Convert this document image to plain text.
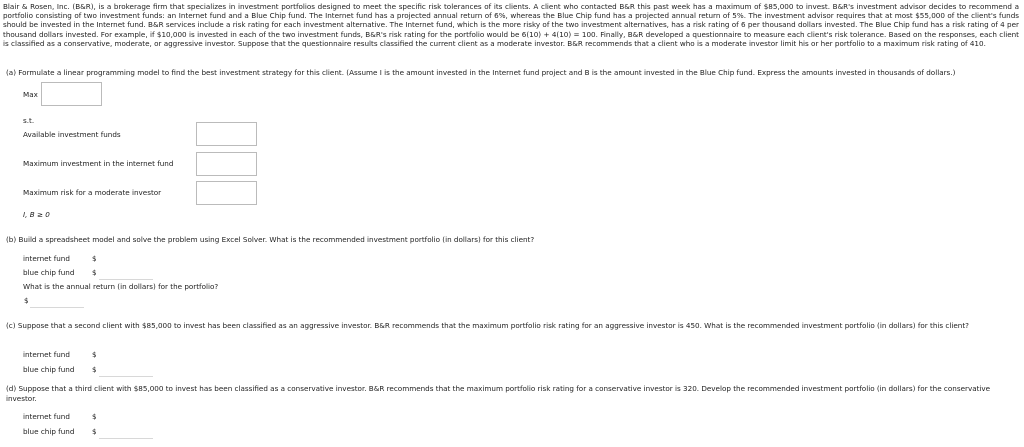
Blair & Rosen, Inc. (B&R), is a brokerage firm that specializes in investment portfolios designed to meet the specific risk tolerances of its clients. A client who contacted B&R this past week has a maximum of $85,000 to invest. B&R's investment advisor decides to recommend a portfolio consisting of two investment funds: an Internet fund and a Blue Chip fund. The Internet fund has a projected annual return of 6%, whereas the Blue Chip fund has a projected annual return of 5%. The investment advisor requires that at most $55,000 of the client's funds should be invested in the Internet fund. B&R services include a risk rating for each investment alternative. The Internet fund, which is the more risky of the two investment alternatives, has a risk rating of 6 per thousand dollars invested. The Blue Chip fund has a risk rating of 4 per thousand dollars invested. For example, if $10,000 is invested in each of the two investment funds, B&R's risk rating for the portfolio would be 6(10) + 4(10) = 100. Finally, B&R developed a questionnaire to measure each client's risk tolerance. Based on the responses, each client is classified as a conservative, moderate, or aggressive investor. Suppose that the questionnaire results classified the current client as a moderate investor. B&R recommends that a client who is a moderate investor limit his or her portfolio to a maximum risk rating of 410.
(a) Formulate a linear programming model to find the best investment strategy for this client. (Assume I is the amount invested in the Internet fund project and B is the amount invested in the Blue Chip fund. Express the amounts invested in thousands of dollars.)
Max
s.t.
Available investment funds
Maximum investment in the internet fund
Maximum risk for a moderate investor
I, B ≥ 0
(b) Build a spreadsheet model and solve the problem using Excel Solver. What is the recommended investment portfolio (in dollars) for this client?
internet fund	$
blue chip fund $
What is the annual return (in dollars) for the portfolio?
$
(c) Suppose that a second client with $85,000 to invest has been classified as an aggressive investor. B&R recommends that the maximum portfolio risk rating for an aggressive investor is 450. What is the recommended investment portfolio (in dollars) for this client?
internet fund	$
blue chip fund $
(d) Suppose that a third client with $85,000 to invest has been classified as a conservative investor. B&R recommends that the maximum portfolio risk rating for a conservative investor is 320. Develop the recommended investment portfolio (in dollars) for the conservative investor.
internet fund	$
blue chip fund $
